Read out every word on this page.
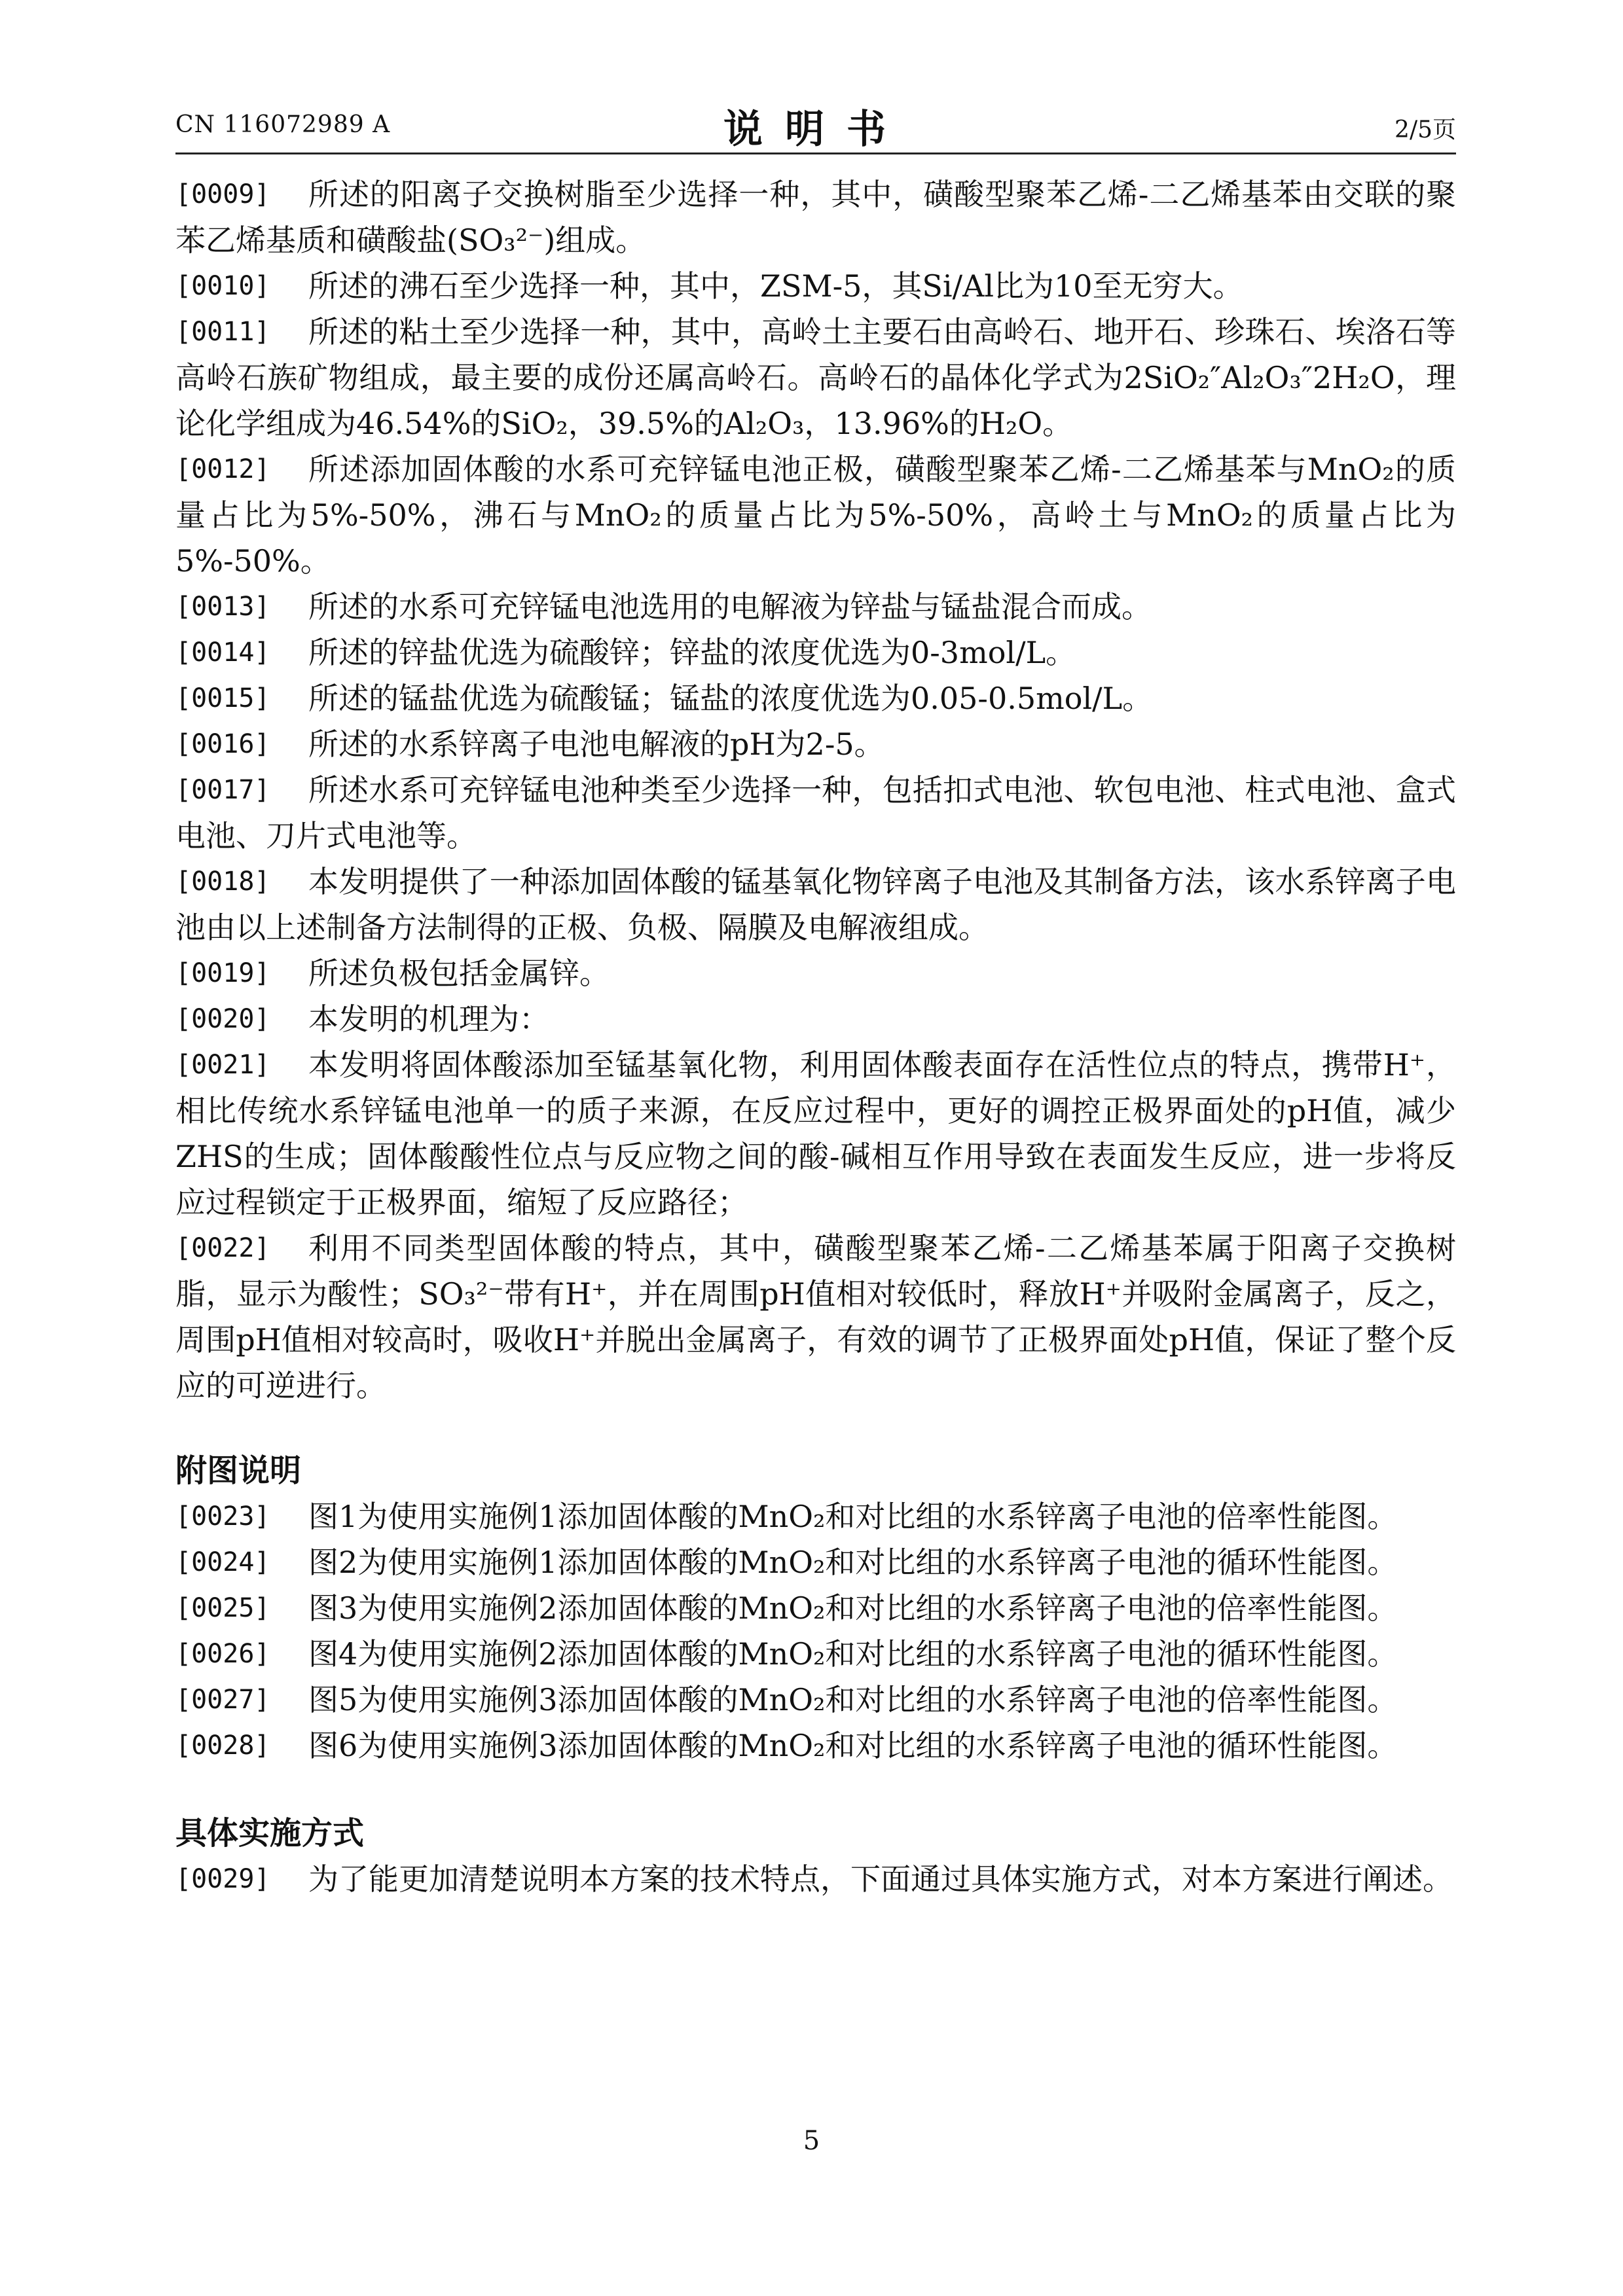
CN 116072989 A	说明书	2/5页
[0009]	所述的阳离子交换树脂至少选择一种，其中，磺酸型聚苯乙烯-二乙烯基苯由交联的聚苯乙烯基质和磺酸盐(SO₃²⁻)组成。
[0010]	所述的沸石至少选择一种，其中，ZSM-5，其Si/Al比为10至无穷大。
[0011]	所述的粘土至少选择一种，其中，高岭土主要石由高岭石、地开石、珍珠石、埃洛石等高岭石族矿物组成，最主要的成份还属高岭石。高岭石的晶体化学式为2SiO₂″Al₂O₃″2H₂O，理论化学组成为46.54%的SiO₂，39.5%的Al₂O₃，13.96%的H₂O。
[0012]	所述添加固体酸的水系可充锌锰电池正极，磺酸型聚苯乙烯-二乙烯基苯与MnO₂的质量占比为5%-50%，沸石与MnO₂的质量占比为5%-50%，高岭土与MnO₂的质量占比为5%-50%。
[0013]	所述的水系可充锌锰电池选用的电解液为锌盐与锰盐混合而成。
[0014]	所述的锌盐优选为硫酸锌；锌盐的浓度优选为0-3mol/L。
[0015]	所述的锰盐优选为硫酸锰；锰盐的浓度优选为0.05-0.5mol/L。
[0016]	所述的水系锌离子电池电解液的pH为2-5。
[0017]	所述水系可充锌锰电池种类至少选择一种，包括扣式电池、软包电池、柱式电池、盒式电池、刀片式电池等。
[0018]	本发明提供了一种添加固体酸的锰基氧化物锌离子电池及其制备方法，该水系锌离子电池由以上述制备方法制得的正极、负极、隔膜及电解液组成。
[0019]	所述负极包括金属锌。
[0020]	本发明的机理为：
[0021]	本发明将固体酸添加至锰基氧化物，利用固体酸表面存在活性位点的特点，携带H⁺，相比传统水系锌锰电池单一的质子来源，在反应过程中，更好的调控正极界面处的pH值，减少ZHS的生成；固体酸酸性位点与反应物之间的酸-碱相互作用导致在表面发生反应，进一步将反应过程锁定于正极界面，缩短了反应路径；
[0022]	利用不同类型固体酸的特点，其中，磺酸型聚苯乙烯-二乙烯基苯属于阳离子交换树脂，显示为酸性；SO₃²⁻带有H⁺，并在周围pH值相对较低时，释放H⁺并吸附金属离子，反之，周围pH值相对较高时，吸收H⁺并脱出金属离子，有效的调节了正极界面处pH值，保证了整个反应的可逆进行。
附图说明
[0023]	图1为使用实施例1添加固体酸的MnO₂和对比组的水系锌离子电池的倍率性能图。
[0024]	图2为使用实施例1添加固体酸的MnO₂和对比组的水系锌离子电池的循环性能图。
[0025]	图3为使用实施例2添加固体酸的MnO₂和对比组的水系锌离子电池的倍率性能图。
[0026]	图4为使用实施例2添加固体酸的MnO₂和对比组的水系锌离子电池的循环性能图。
[0027]	图5为使用实施例3添加固体酸的MnO₂和对比组的水系锌离子电池的倍率性能图。
[0028]	图6为使用实施例3添加固体酸的MnO₂和对比组的水系锌离子电池的循环性能图。
具体实施方式
[0029]	为了能更加清楚说明本方案的技术特点，下面通过具体实施方式，对本方案进行阐述。
5
